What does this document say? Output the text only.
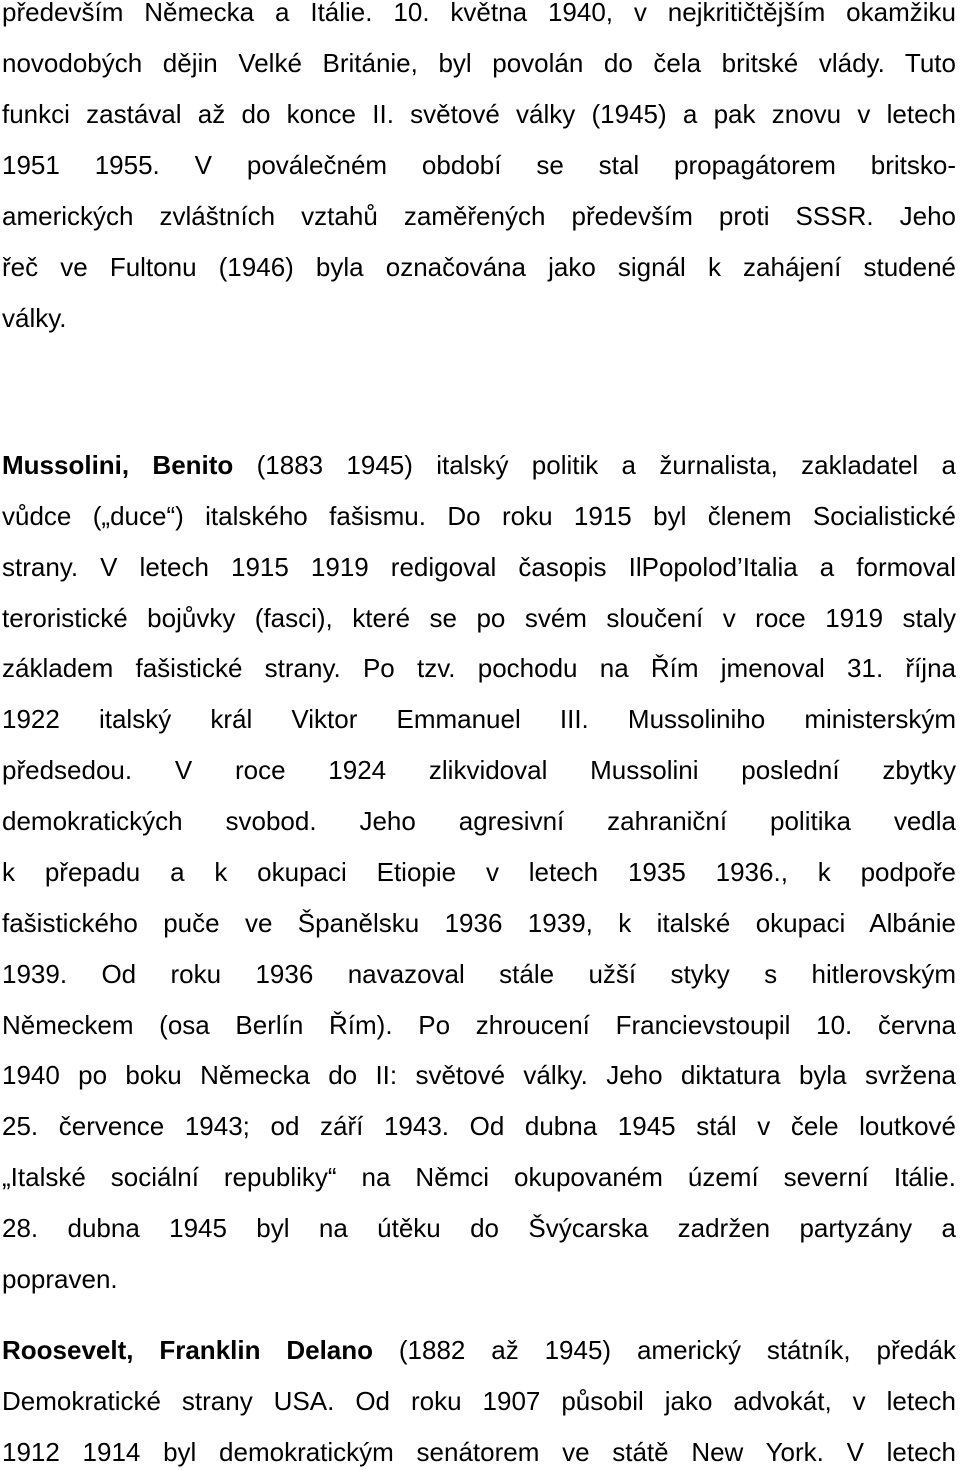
především Německa a Itálie. 10. května 1940, v nejkritičtějším okamžiku
novodobých dějin Velké Británie, byl povolán do čela britské vlády. Tuto
funkci zastával až do konce II. světové války (1945) a pak znovu v letech
1951 1955. V poválečném období se stal propagátorem britsko-
amerických zvláštních vztahů zaměřených především proti SSSR. Jeho
řeč ve Fultonu (1946) byla označována jako signál k zahájení studené
války.
Mussolini, Benito (1883 1945) italský politik a žurnalista, zakladatel a
vůdce („duce“) italského fašismu. Do roku 1915 byl členem Socialistické
strany. V letech 1915 1919 redigoval časopis IlPopolod’Italia a formoval
teroristické bojůvky (fasci), které se po svém sloučení v roce 1919 staly
základem fašistické strany. Po tzv. pochodu na Řím jmenoval 31. října
1922 italský král Viktor Emmanuel III. Mussoliniho ministerským
předsedou. V roce 1924 zlikvidoval Mussolini poslední zbytky
demokratických svobod. Jeho agresivní zahraniční politika vedla
k přepadu a k okupaci Etiopie v letech 1935 1936., k podpoře
fašistického puče ve Španělsku 1936 1939, k italské okupaci Albánie
1939. Od roku 1936 navazoval stále užší styky s hitlerovským
Německem (osa Berlín Řím). Po zhroucení Francievstoupil 10. června
1940 po boku Německa do II: světové války. Jeho diktatura byla svržena
25. července 1943; od září 1943. Od dubna 1945 stál v čele loutkové
„Italské sociální republiky“ na Němci okupovaném území severní Itálie.
28. dubna 1945 byl na útěku do Švýcarska zadržen partyzány a
popraven.
Roosevelt, Franklin Delano (1882 až 1945) americký státník, předák
Demokratické strany USA. Od roku 1907 působil jako advokát, v letech
1912 1914 byl demokratickým senátorem ve státě New York. V letech
